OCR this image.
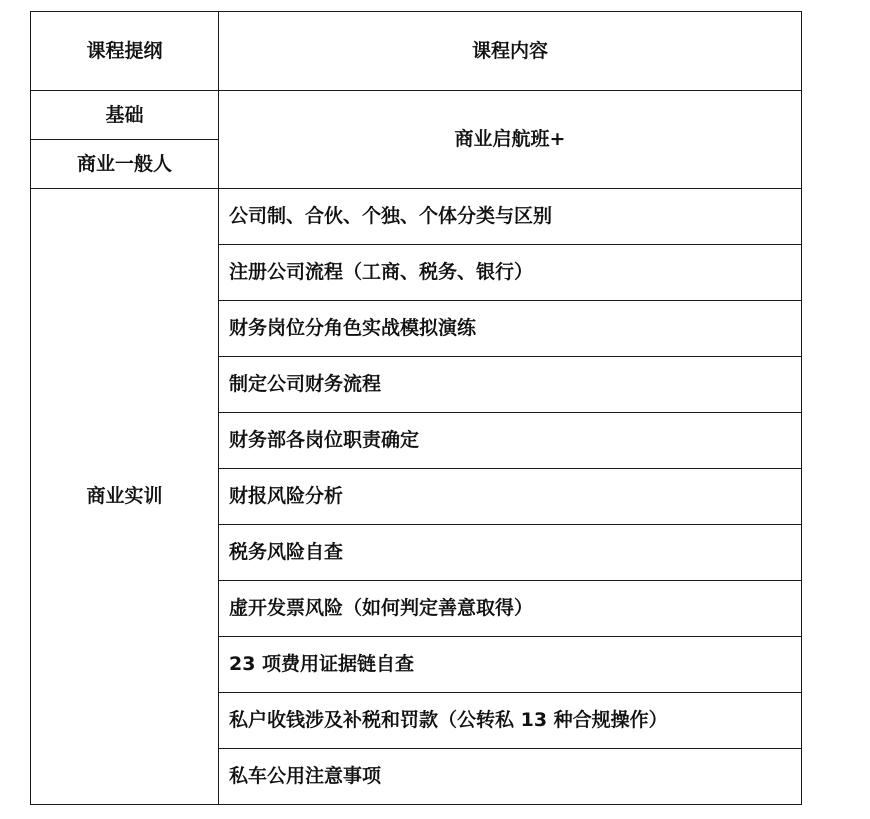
课程提纲	课程内容
基础	商业启航班+
商业一般人	
商业实训	公司制、合伙、个独、个体分类与区别
	注册公司流程（工商、税务、银行）
	财务岗位分角色实战模拟演练
	制定公司财务流程
	财务部各岗位职责确定
	财报风险分析
	税务风险自查
	虚开发票风险（如何判定善意取得）
	23 项费用证据链自查
	私户收钱涉及补税和罚款（公转私 13 种合规操作）
	私车公用注意事项
